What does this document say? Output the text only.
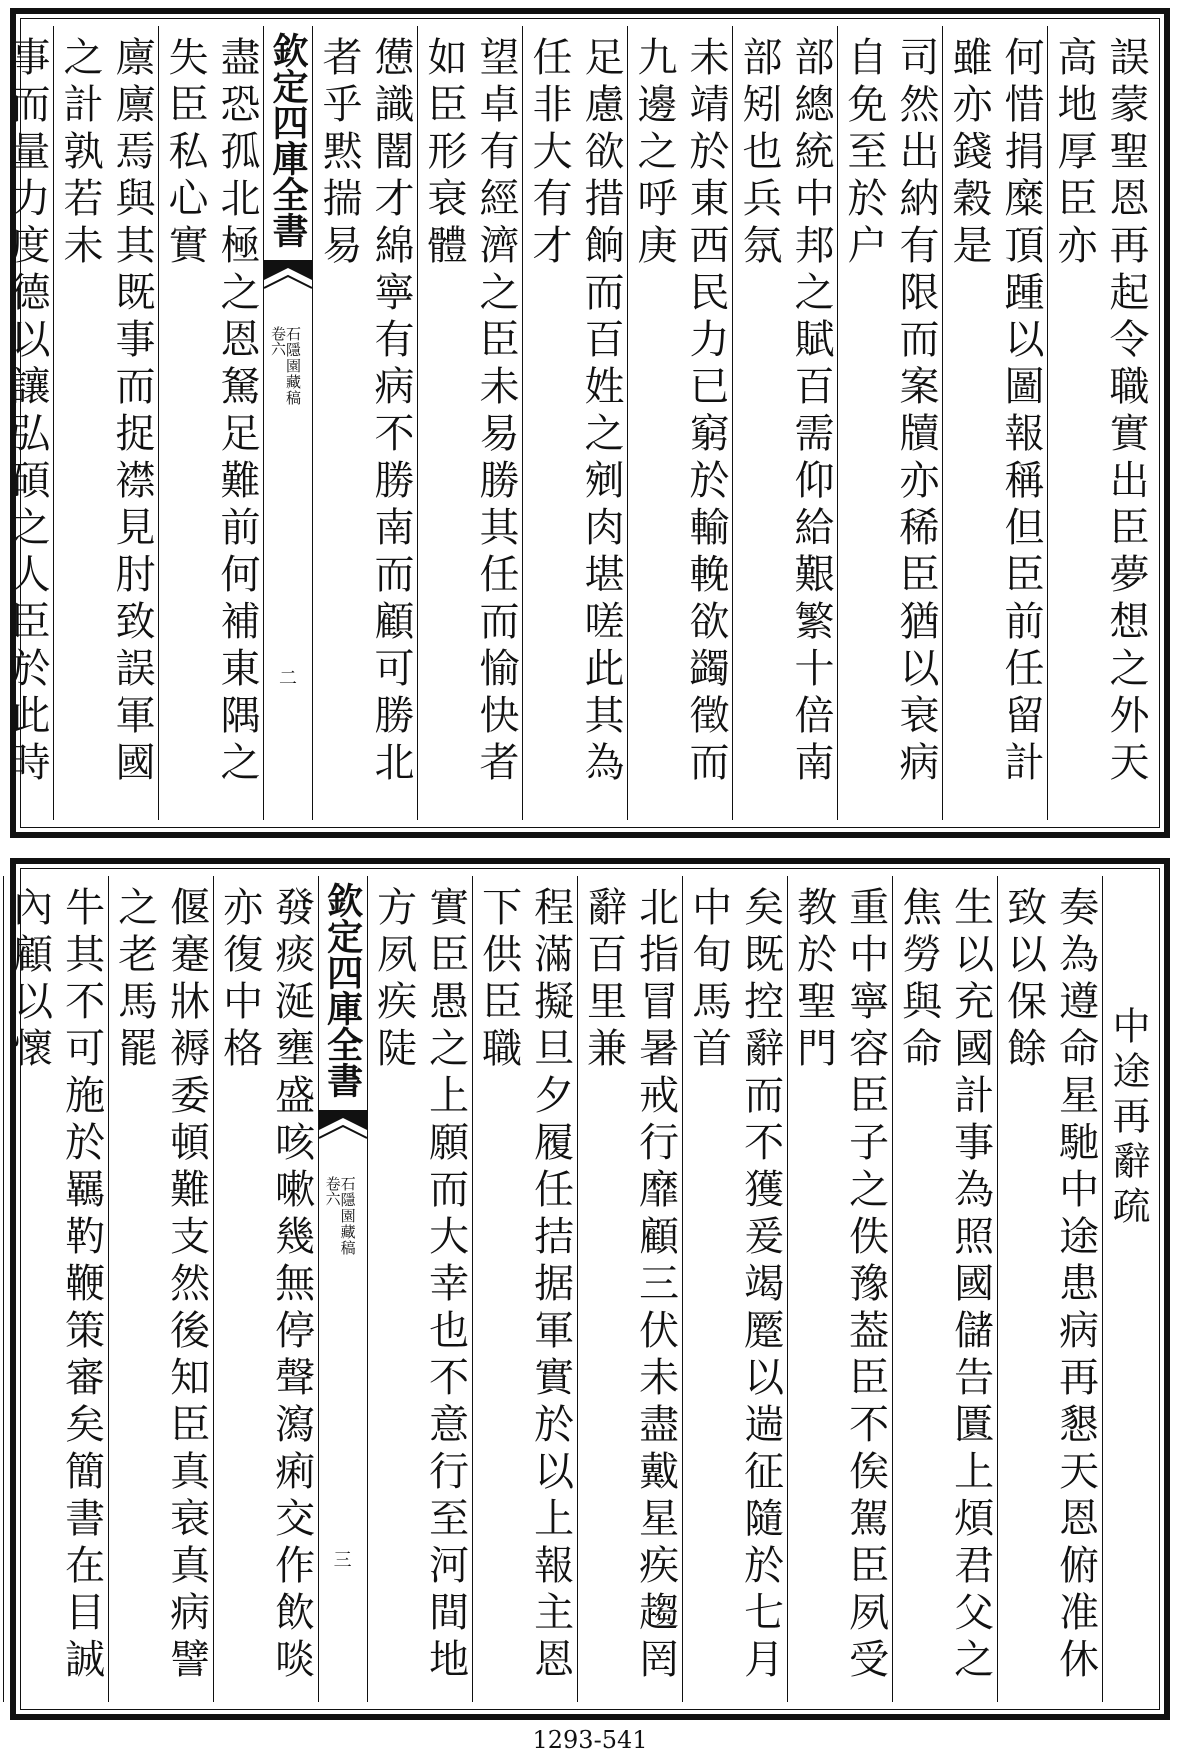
誤蒙聖恩再起令職實出臣夢想之外天高地厚臣亦
何惜捐糜頂踵以圖報稱但臣前任留計雖亦錢穀是
司然出納有限而案牘亦稀臣猶以衰病自免至於户
部總統中邦之賦百需仰給艱繁十倍南部矧也兵氛
未靖於東西民力已窮於輸輓欲蠲徵而九邊之呼庚
足慮欲措餉而百姓之剜肉堪嗟此其為任非大有才
望卓有經濟之臣未易勝其任而愉快者如臣形衰體
憊識闇才綿寧有病不勝南而顧可勝北者乎黙揣易
欽定四庫全書
石隱園藏稿
卷六
二
盡恐孤北極之恩駑足難前何補東隅之失臣私心實
廪廪焉與其既事而捉襟見肘致誤軍國之計孰若未
事而量力度德以讓弘碩之人臣於此時
中途再辭疏
奏為遵命星馳中途患病再懇天恩俯准休致以保餘
生以充國計事為照國儲告匱上煩君父之焦勞與命
重中寧容臣子之佚豫葢臣不俟駕臣夙受教於聖門
矣既控辭而不獲爰竭蹷以遄征隨於七月中旬馬首
北指冒暑戒行靡顧三伏未盡戴星疾趨罔辭百里兼
程滿擬旦夕履任拮据軍實於以上報主恩下供臣職
實臣愚之上願而大幸也不意行至河間地方夙疾陡
欽定四庫全書
石隱園藏稿
卷六
三
發痰涎壅盛咳嗽幾無停聲瀉痢交作飲啖亦復中格
偃蹇牀褥委頓難支然後知臣真衰真病譬之老馬罷
牛其不可施於羈靮鞭策審矣簡書在目誠內顧以懷
1293-541
